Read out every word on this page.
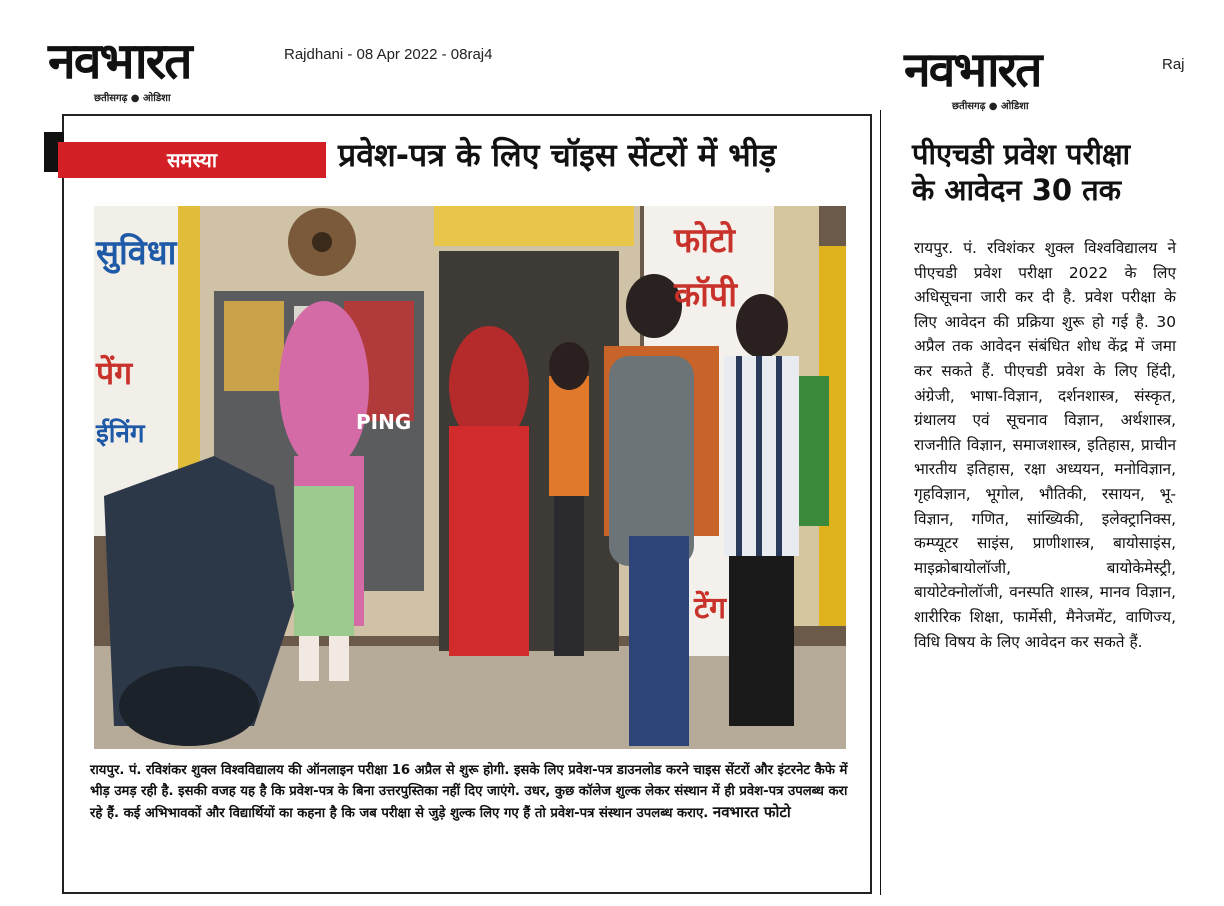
नवभारत
छतीसगढ़ ● ओडिशा
Rajdhani - 08 Apr 2022 - 08raj4
समस्या	प्रवेश-पत्र के लिए चॉइस सेंटरों में भीड़
सुविधा	फोटो
कॉपी
पेंग
ईनिंग	PING
टेंग
रायपुर. पं. रविशंकर शुक्ल विश्वविद्यालय की ऑनलाइन परीक्षा 16 अप्रैल से शुरू होगी. इसके लिए प्रवेश-पत्र डाउनलोड करने चाइस सेंटरों और इंटरनेट कैफे में भीड़ उमड़ रही है. इसकी वजह यह है कि प्रवेश-पत्र के बिना उत्तरपुस्तिका नहीं दिए जाएंगे. उधर, कुछ कॉलेज शुल्क लेकर संस्थान में ही प्रवेश-पत्र उपलब्ध करा रहे हैं. कई अभिभावकों और विद्यार्थियों का कहना है कि जब परीक्षा से जुड़े शुल्क लिए गए हैं तो प्रवेश-पत्र संस्थान उपलब्ध कराए. नवभारत फोटो
नवभारत
छतीसगढ़ ● ओडिशा
Raj
पीएचडी प्रवेश परीक्षा
के आवेदन 30 तक
रायपुर. पं. रविशंकर शुक्ल विश्वविद्यालय ने पीएचडी प्रवेश परीक्षा 2022 के लिए अधिसूचना जारी कर दी है. प्रवेश परीक्षा के लिए आवेदन की प्रक्रिया शुरू हो गई है. 30 अप्रैल तक आवेदन संबंधित शोध केंद्र में जमा कर सकते हैं. पीएचडी प्रवेश के लिए हिंदी, अंग्रेजी, भाषा-विज्ञान, दर्शनशास्त्र, संस्कृत, ग्रंथालय एवं सूचनाव विज्ञान, अर्थशास्त्र, राजनीति विज्ञान, समाजशास्त्र, इतिहास, प्राचीन भारतीय इतिहास, रक्षा अध्ययन, मनोविज्ञान, गृहविज्ञान, भूगोल, भौतिकी, रसायन, भू-विज्ञान, गणित, सांख्यिकी, इलेक्ट्रानिक्स, कम्प्यूटर साइंस, प्राणीशास्त्र, बायोसाइंस, माइक्रोबायोलॉजी, बायोकेमेस्ट्री, बायोटेक्नोलॉजी, वनस्पति शास्त्र, मानव विज्ञान, शारीरिक शिक्षा, फार्मेसी, मैनेजमेंट, वाणिज्य, विधि विषय के लिए आवेदन कर सकते हैं.
